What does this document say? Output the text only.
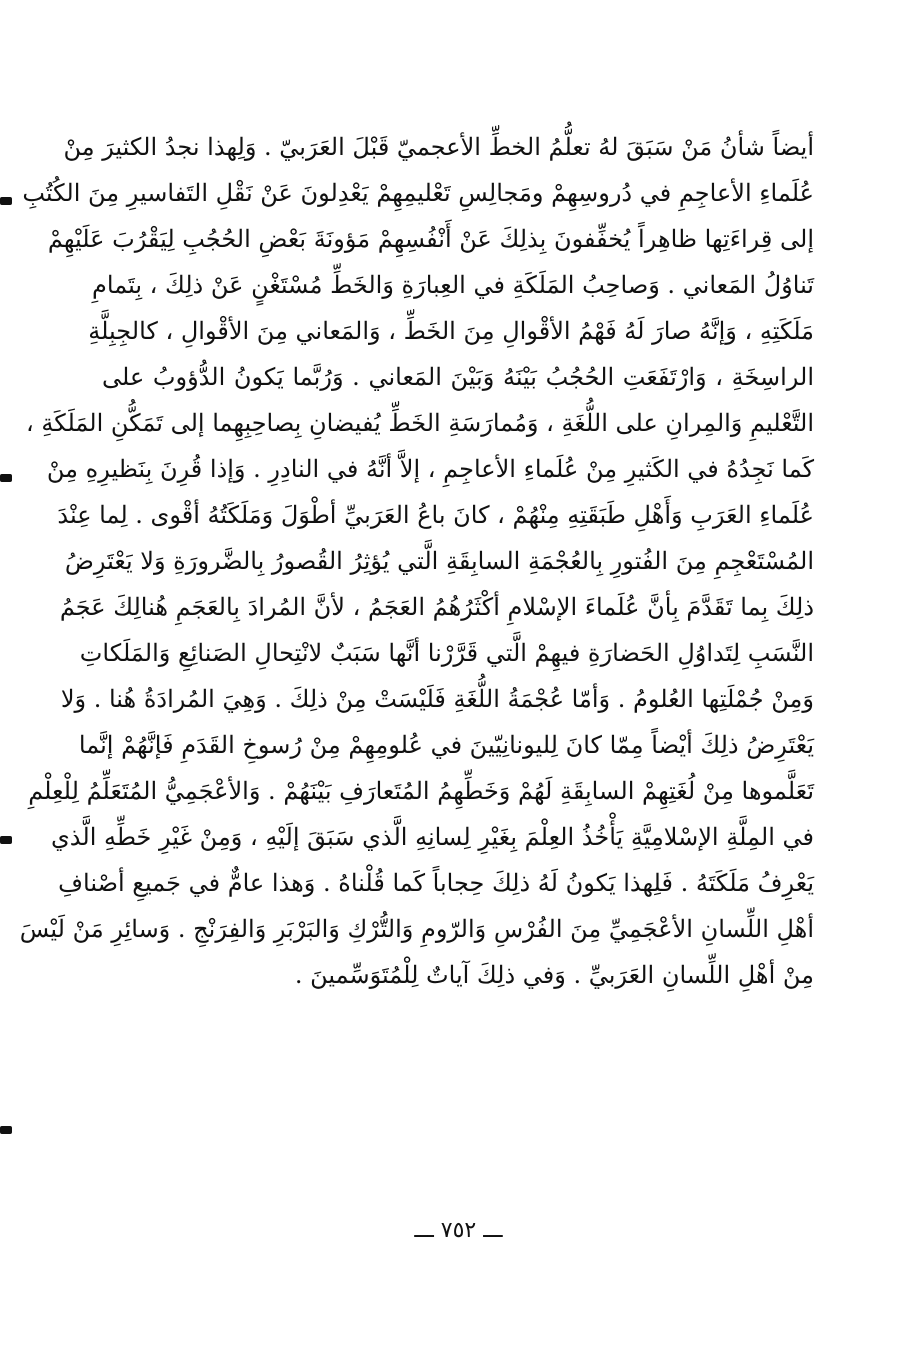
أيضاً شأنُ مَنْ سَبَقَ لهُ تعلُّمُ الخطِّ الأعجميّ قَبْلَ العَرَبيّ . وَلِهذا نجدُ الكثيرَ مِنْ
عُلَماءِ الأعاجِمِ في دُروسِهِمْ ومَجالِسِ تَعْليمِهِمْ يَعْدِلونَ عَنْ نَقْلِ التَفاسيرِ مِنَ الكُتُبِ
إلى قِراءَتِها ظاهِراً يُخفِّفونَ بِذلِكَ عَنْ أَنْفُسِهِمْ مَؤونَةَ بَعْضِ الحُجُبِ لِيَقْرُبَ عَلَيْهِمْ
تَناوُلُ المَعاني . وَصاحِبُ المَلَكَةِ في العِبارَةِ وَالخَطِّ مُسْتَغْنٍ عَنْ ذلِكَ ، بِتَمامِ
مَلَكَتِهِ ، وَإنَّهُ صارَ لَهُ فَهْمُ الأقْوالِ مِنَ الخَطِّ ، وَالمَعاني مِنَ الأقْوالِ ، كالجِبِلَّةِ
الراسِخَةِ ، وَارْتَفَعَتِ الحُجُبُ بَيْنَهُ وَبَيْنَ المَعاني . وَرُبَّما يَكونُ الدُّؤوبُ على
التَّعْليمِ وَالمِرانِ على اللُّغَةِ ، وَمُمارَسَةِ الخَطِّ يُفيضانِ بِصاحِبِهِما إلى تَمَكُّنِ المَلَكَةِ ،
كَما نَجِدُهُ في الكَثيرِ مِنْ عُلَماءِ الأعاجِمِ ، إلاَّ أنَّهُ في النادِرِ . وَإذا قُرِنَ بِنَظيرِهِ مِنْ
عُلَماءِ العَرَبِ وَأَهْلِ طَبَقَتِهِ مِنْهُمْ ، كانَ باعُ العَرَبيِّ أطْوَلَ وَمَلَكَتُهُ أقْوى . لِما عِنْدَ
المُسْتَعْجِمِ مِنَ الفُتورِ بِالعُجْمَةِ السابِقَةِ الَّتي يُؤثِرُ القُصورُ بِالضَّرورَةِ وَلا يَعْتَرِضُ
ذلِكَ بِما تَقَدَّمَ بِأنَّ عُلَماءَ الإسْلامِ أكْثَرُهُمُ العَجَمُ ، لأنَّ المُرادَ بِالعَجَمِ هُنالِكَ عَجَمُ
النَّسَبِ لِتَداوُلِ الحَضارَةِ فيهِمْ الَّتي قَرَّرْنا أنَّها سَبَبٌ لانْتِحالِ الصَنائِعِ وَالمَلَكاتِ
وَمِنْ جُمْلَتِها العُلومُ . وَأمّا عُجْمَةُ اللُّغَةِ فَلَيْسَتْ مِنْ ذلِكَ . وَهِيَ المُرادَةُ هُنا . وَلا
يَعْتَرِضُ ذلِكَ أيْضاً مِمّا كانَ لِليونانِيّينَ في عُلومِهِمْ مِنْ رُسوخِ القَدَمِ فَإنَّهُمْ إنَّما
تَعَلَّموها مِنْ لُغَتِهِمْ السابِقَةِ لَهُمْ وَخَطِّهِمُ المُتَعارَفِ بَيْنَهُمْ . وَالأعْجَمِيُّ المُتَعَلِّمُ لِلْعِلْمِ
في المِلَّةِ الإسْلامِيَّةِ يَأْخُذُ العِلْمَ بِغَيْرِ لِسانِهِ الَّذي سَبَقَ إلَيْهِ ، وَمِنْ غَيْرِ خَطِّهِ الَّذي
يَعْرِفُ مَلَكَتَهُ . فَلِهذا يَكونُ لَهُ ذلِكَ حِجاباً كَما قُلْناهُ . وَهذا عامٌّ في جَميعِ أصْنافِ
أهْلِ اللِّسانِ الأعْجَمِيِّ مِنَ الفُرْسِ وَالرّومِ وَالتُّرْكِ وَالبَرْبَرِ وَالفِرَنْجِ . وَسائِرِ مَنْ لَيْسَ
مِنْ أهْلِ اللِّسانِ العَرَبيِّ . وَفي ذلِكَ آياتٌ لِلْمُتَوَسِّمينَ .
ـــ ٧٥٢ ـــ
